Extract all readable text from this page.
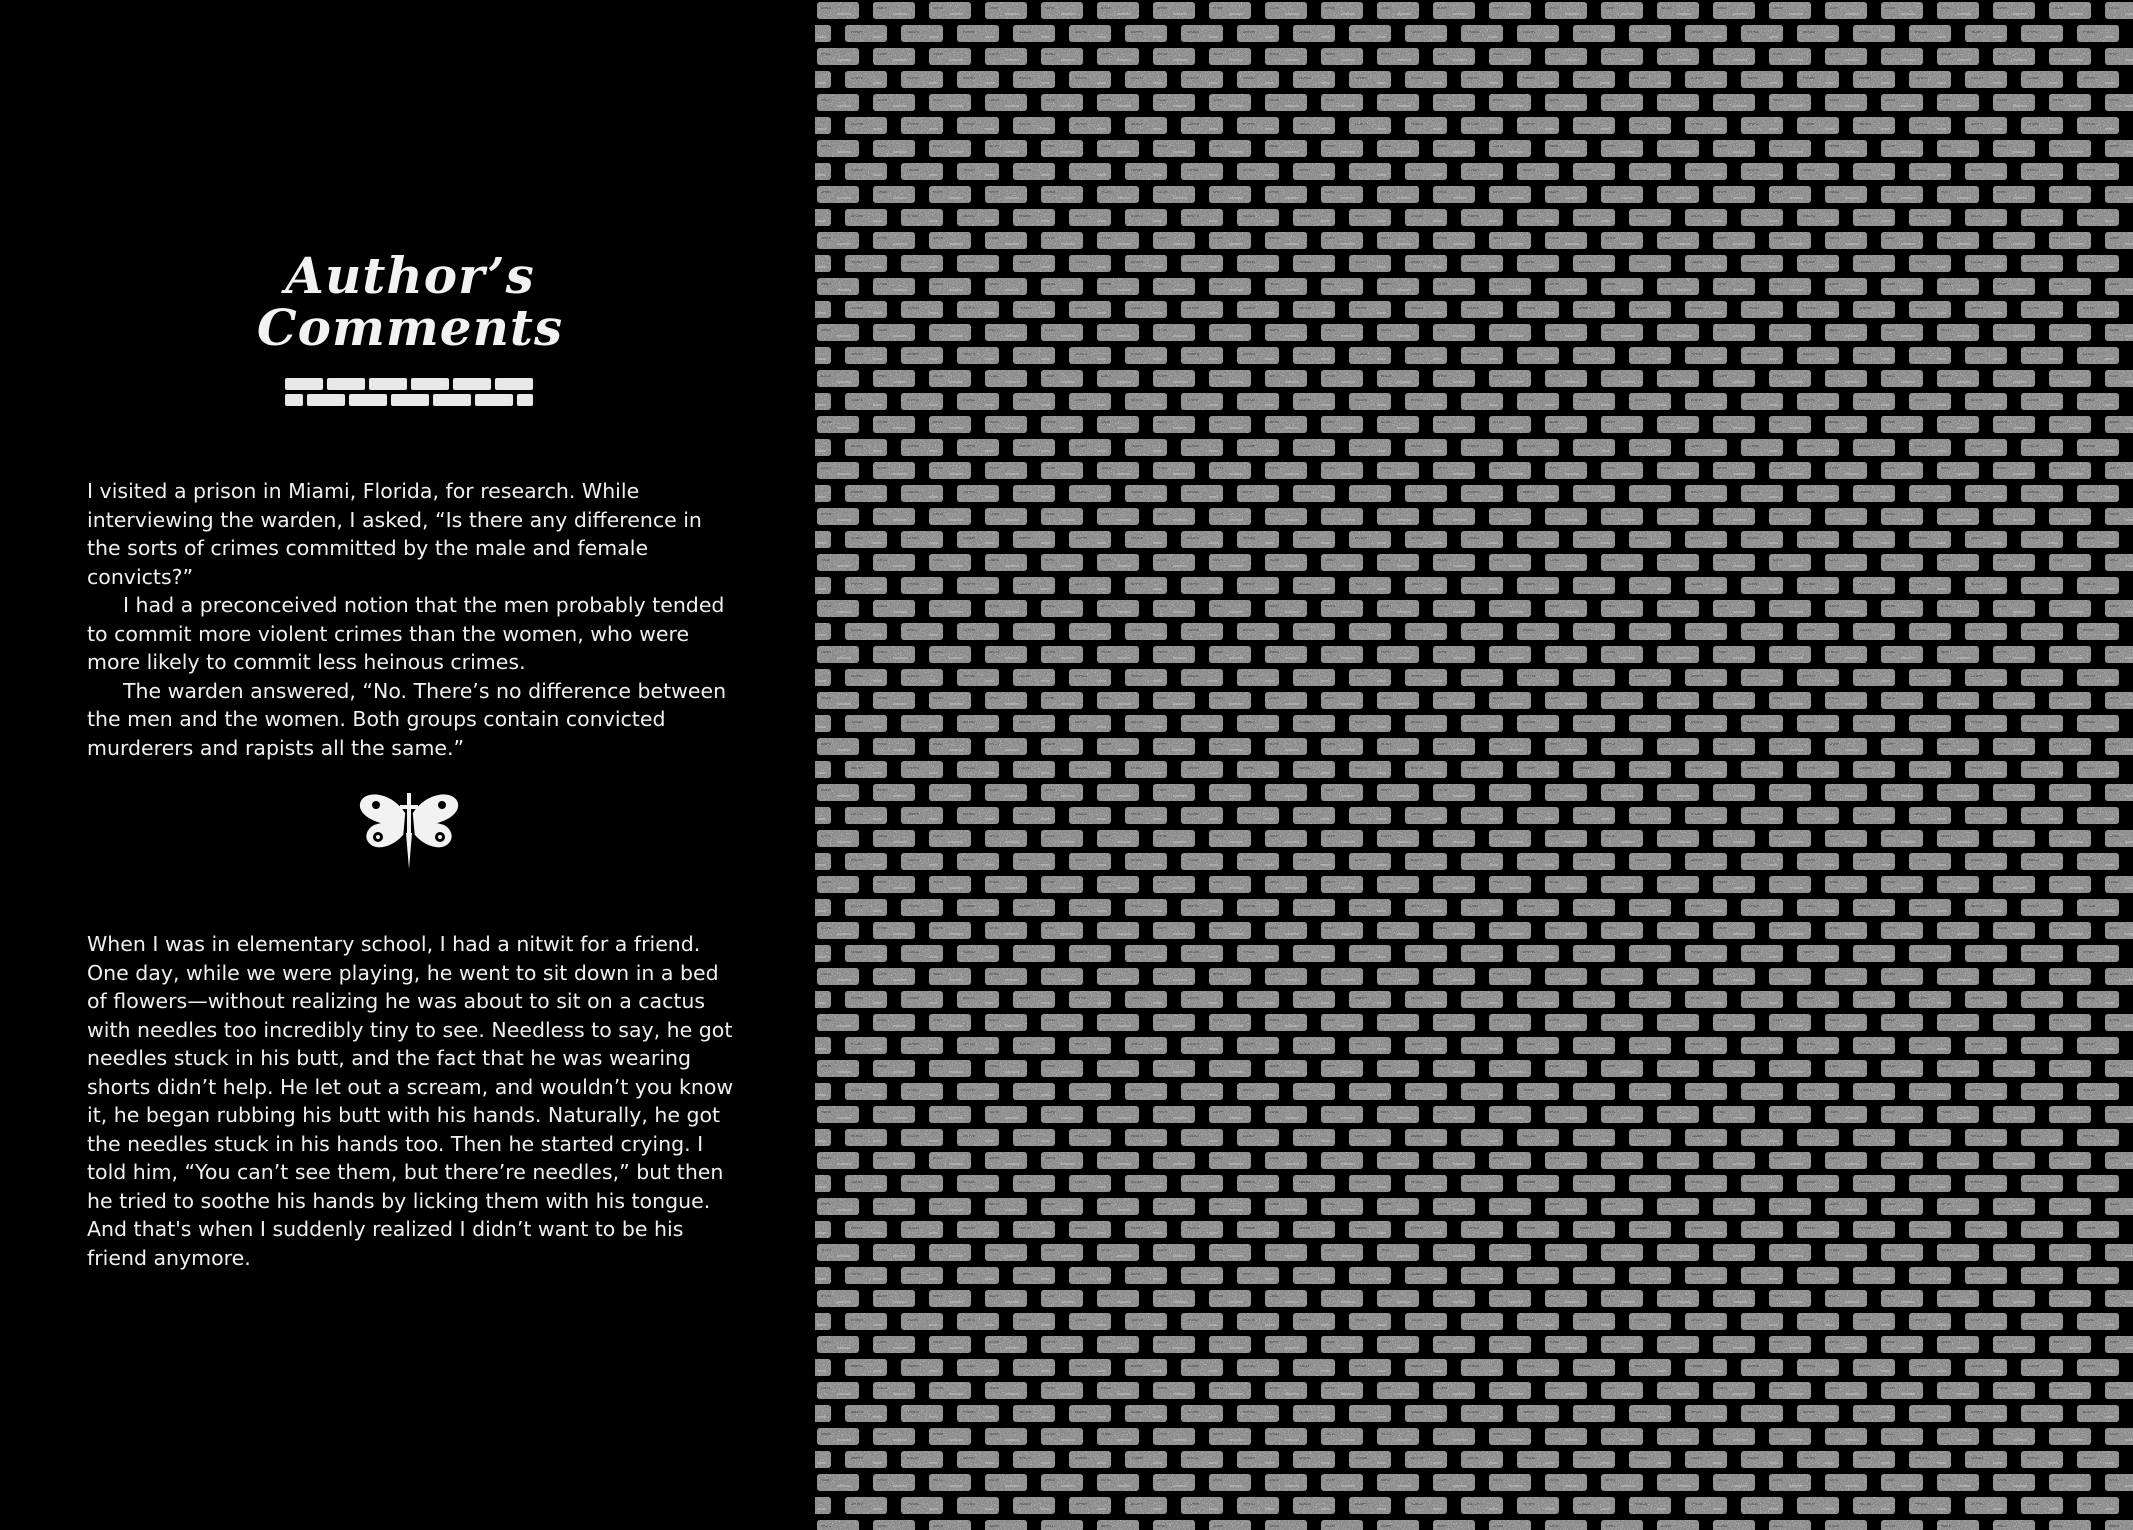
Author’s
Comments

I visited a prison in Miami, Florida, for research. While interviewing the warden, I asked, “Is there any difference in the sorts of crimes committed by the male and female convicts?”

I had a preconceived notion that the men probably tended to commit more violent crimes than the women, who were more likely to commit less heinous crimes.

The warden answered, “No. There’s no difference between the men and the women. Both groups contain convicted murderers and rapists all the same.”

When I was in elementary school, I had a nitwit for a friend. One day, while we were playing, he went to sit down in a bed of flowers—without realizing he was about to sit on a cactus with needles too incredibly tiny to see. Needless to say, he got needles stuck in his butt, and the fact that he was wearing shorts didn’t help. He let out a scream, and wouldn’t you know it, he began rubbing his butt with his hands. Naturally, he got the needles stuck in his hands too. Then he started crying. I told him, “You can’t see them, but there’re needles,” but then he tried to soothe his hands by licking them with his tongue. And that's when I suddenly realized I didn’t want to be his friend anymore.
